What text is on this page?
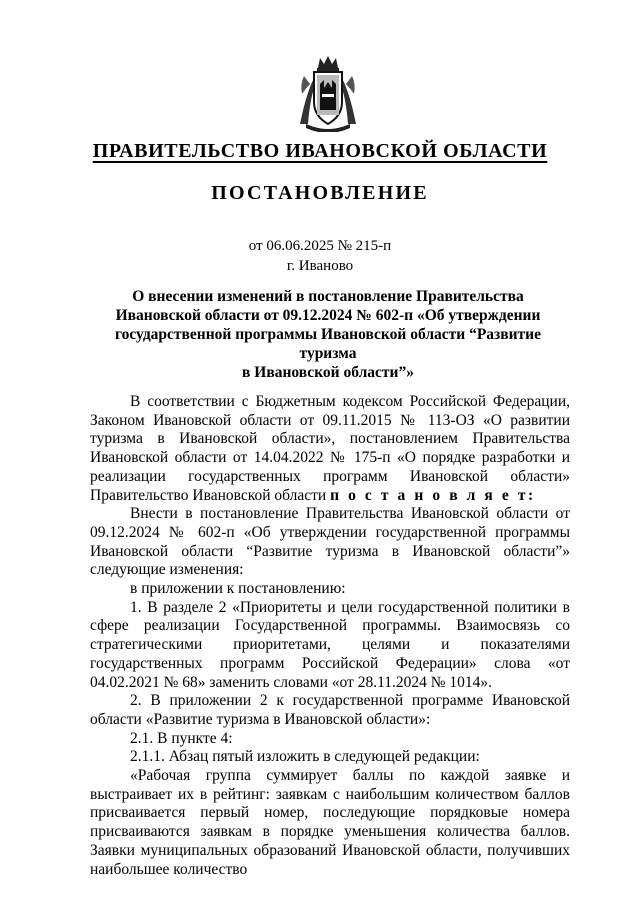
ПРАВИТЕЛЬСТВО ИВАНОВСКОЙ ОБЛАСТИ
ПОСТАНОВЛЕНИЕ
от 06.06.2025 № 215-п
г. Иваново
О внесении изменений в постановление Правительства
Ивановской области от 09.12.2024 № 602-п «Об утверждении
государственной программы Ивановской области “Развитие туризма
в Ивановской области”»

В соответствии с Бюджетным кодексом Российской Федерации, Законом Ивановской области от 09.11.2015 № 113-ОЗ «О развитии туризма в Ивановской области», постановлением Правительства Ивановской области от 14.04.2022 № 175-п «О порядке разработки и реализации государственных программ Ивановской области» Правительство Ивановской области п о с т а н о в л я е т:

Внести в постановление Правительства Ивановской области от 09.12.2024 № 602-п «Об утверждении государственной программы Ивановской области “Развитие туризма в Ивановской области”» следующие изменения:

в приложении к постановлению:

1. В разделе 2 «Приоритеты и цели государственной политики в сфере реализации Государственной программы. Взаимосвязь со стратегическими приоритетами, целями и показателями государственных программ Российской Федерации» слова «от 04.02.2021 № 68» заменить словами «от 28.11.2024 № 1014».

2. В приложении 2 к государственной программе Ивановской области «Развитие туризма в Ивановской области»:

2.1. В пункте 4:

2.1.1. Абзац пятый изложить в следующей редакции:

«Рабочая группа суммирует баллы по каждой заявке и выстраивает их в рейтинг: заявкам с наибольшим количеством баллов присваивается первый номер, последующие порядковые номера присваиваются заявкам в порядке уменьшения количества баллов. Заявки муниципальных образований Ивановской области, получивших наибольшее количество
